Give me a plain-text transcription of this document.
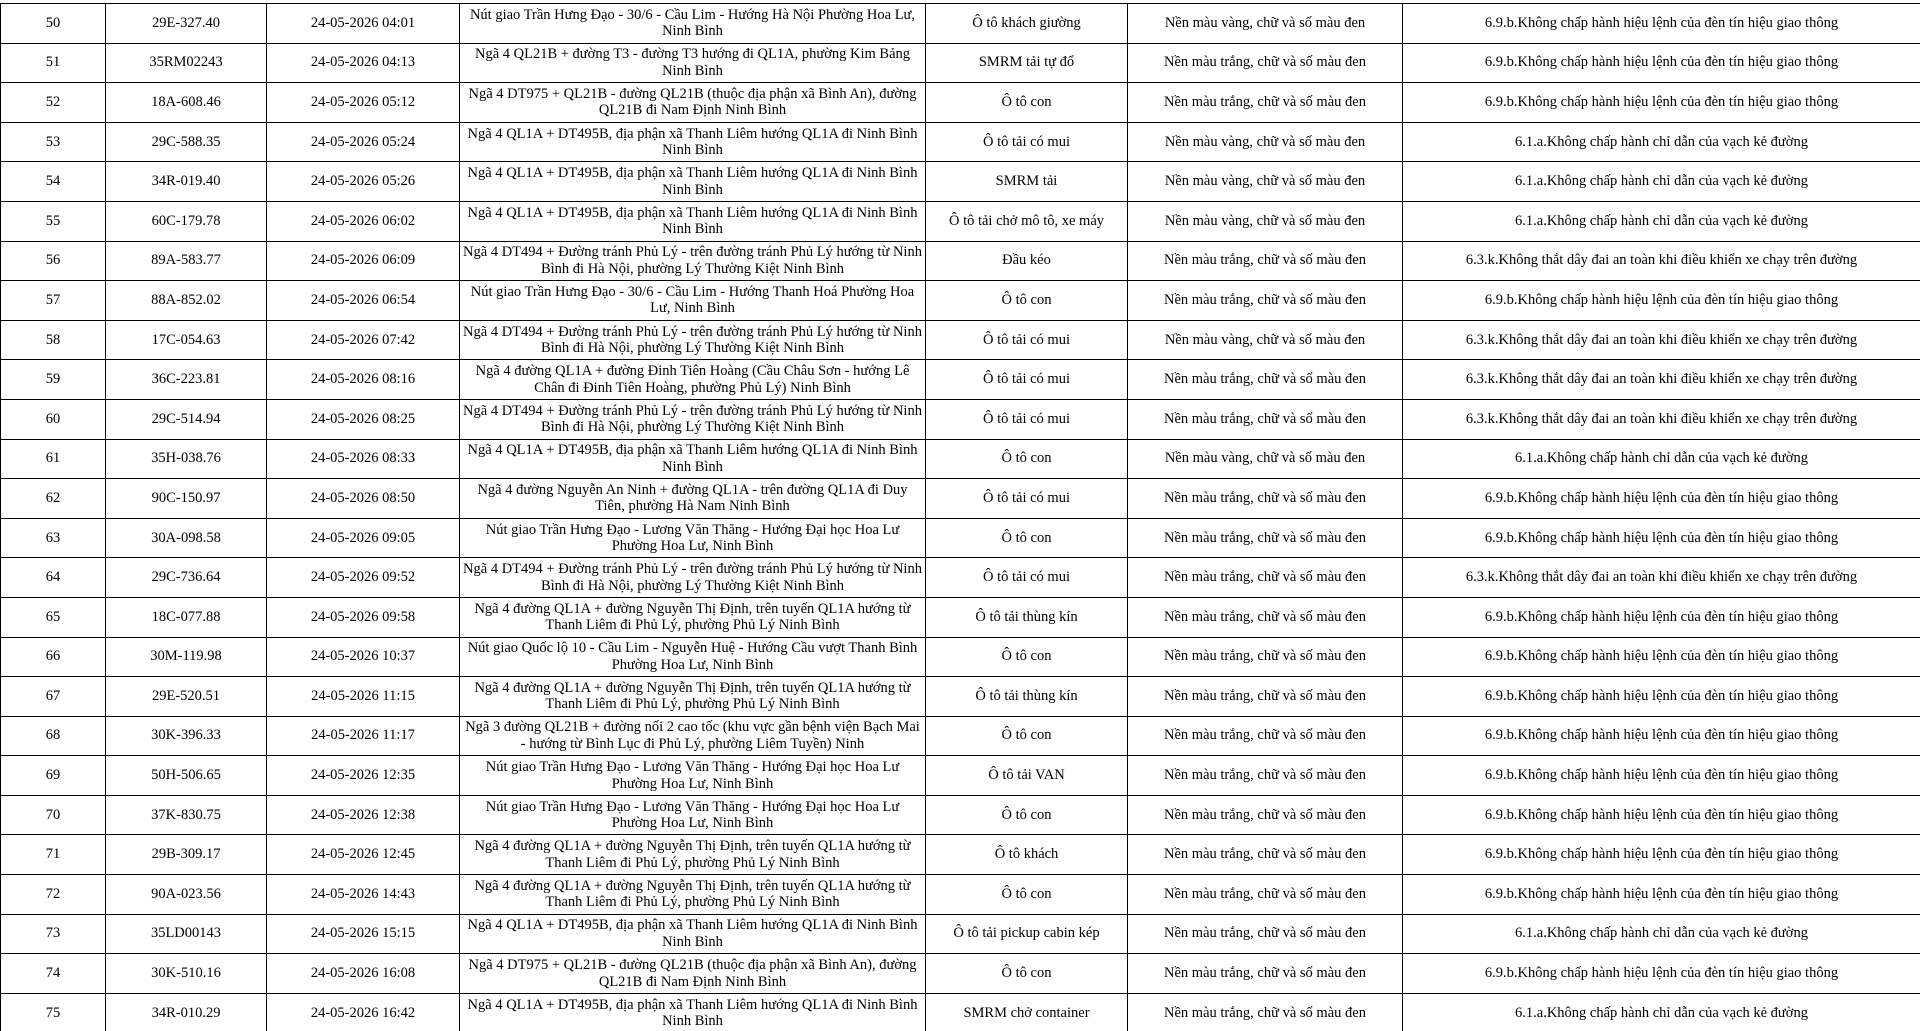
50	29E-327.40	24-05-2026 04:01	Nút giao Trần Hưng Đạo - 30/6 - Cầu Lim - Hướng Hà Nội Phường Hoa Lư, Ninh Bình	Ô tô khách giường	Nền màu vàng, chữ và số màu đen	6.9.b.Không chấp hành hiệu lệnh của đèn tín hiệu giao thông
51	35RM02243	24-05-2026 04:13	Ngã 4 QL21B + đường T3 - đường T3 hướng đi QL1A, phường Kim Bảng Ninh Bình	SMRM tải tự đổ	Nền màu trắng, chữ và số màu đen	6.9.b.Không chấp hành hiệu lệnh của đèn tín hiệu giao thông
52	18A-608.46	24-05-2026 05:12	Ngã 4 DT975 + QL21B - đường QL21B (thuộc địa phận xã Bình An), đường QL21B đi Nam Định Ninh Bình	Ô tô con	Nền màu trắng, chữ và số màu đen	6.9.b.Không chấp hành hiệu lệnh của đèn tín hiệu giao thông
53	29C-588.35	24-05-2026 05:24	Ngã 4 QL1A + DT495B, địa phận xã Thanh Liêm hướng QL1A đi Ninh Bình Ninh Bình	Ô tô tải có mui	Nền màu vàng, chữ và số màu đen	6.1.a.Không chấp hành chỉ dẫn của vạch kẻ đường
54	34R-019.40	24-05-2026 05:26	Ngã 4 QL1A + DT495B, địa phận xã Thanh Liêm hướng QL1A đi Ninh Bình Ninh Bình	SMRM tải	Nền màu vàng, chữ và số màu đen	6.1.a.Không chấp hành chỉ dẫn của vạch kẻ đường
55	60C-179.78	24-05-2026 06:02	Ngã 4 QL1A + DT495B, địa phận xã Thanh Liêm hướng QL1A đi Ninh Bình Ninh Bình	Ô tô tải chở mô tô, xe máy	Nền màu vàng, chữ và số màu đen	6.1.a.Không chấp hành chỉ dẫn của vạch kẻ đường
56	89A-583.77	24-05-2026 06:09	Ngã 4 DT494 + Đường tránh Phủ Lý - trên đường tránh Phủ Lý hướng từ Ninh Bình đi Hà Nội, phường Lý Thường Kiệt Ninh Bình	Đầu kéo	Nền màu trắng, chữ và số màu đen	6.3.k.Không thắt dây đai an toàn khi điều khiển xe chạy trên đường
57	88A-852.02	24-05-2026 06:54	Nút giao Trần Hưng Đạo - 30/6 - Cầu Lim - Hướng Thanh Hoá Phường Hoa Lư, Ninh Bình	Ô tô con	Nền màu trắng, chữ và số màu đen	6.9.b.Không chấp hành hiệu lệnh của đèn tín hiệu giao thông
58	17C-054.63	24-05-2026 07:42	Ngã 4 DT494 + Đường tránh Phủ Lý - trên đường tránh Phủ Lý hướng từ Ninh Bình đi Hà Nội, phường Lý Thường Kiệt Ninh Bình	Ô tô tải có mui	Nền màu vàng, chữ và số màu đen	6.3.k.Không thắt dây đai an toàn khi điều khiển xe chạy trên đường
59	36C-223.81	24-05-2026 08:16	Ngã 4 đường QL1A + đường Đinh Tiên Hoàng (Cầu Châu Sơn - hướng Lê Chân đi Đinh Tiên Hoàng, phường Phủ Lý) Ninh Bình	Ô tô tải có mui	Nền màu trắng, chữ và số màu đen	6.3.k.Không thắt dây đai an toàn khi điều khiển xe chạy trên đường
60	29C-514.94	24-05-2026 08:25	Ngã 4 DT494 + Đường tránh Phủ Lý - trên đường tránh Phủ Lý hướng từ Ninh Bình đi Hà Nội, phường Lý Thường Kiệt Ninh Bình	Ô tô tải có mui	Nền màu trắng, chữ và số màu đen	6.3.k.Không thắt dây đai an toàn khi điều khiển xe chạy trên đường
61	35H-038.76	24-05-2026 08:33	Ngã 4 QL1A + DT495B, địa phận xã Thanh Liêm hướng QL1A đi Ninh Bình Ninh Bình	Ô tô con	Nền màu vàng, chữ và số màu đen	6.1.a.Không chấp hành chỉ dẫn của vạch kẻ đường
62	90C-150.97	24-05-2026 08:50	Ngã 4 đường Nguyễn An Ninh + đường QL1A - trên đường QL1A đi Duy Tiên, phường Hà Nam Ninh Bình	Ô tô tải có mui	Nền màu trắng, chữ và số màu đen	6.9.b.Không chấp hành hiệu lệnh của đèn tín hiệu giao thông
63	30A-098.58	24-05-2026 09:05	Nút giao Trần Hưng Đạo - Lương Văn Thăng - Hướng Đại học Hoa Lư Phường Hoa Lư, Ninh Bình	Ô tô con	Nền màu trắng, chữ và số màu đen	6.9.b.Không chấp hành hiệu lệnh của đèn tín hiệu giao thông
64	29C-736.64	24-05-2026 09:52	Ngã 4 DT494 + Đường tránh Phủ Lý - trên đường tránh Phủ Lý hướng từ Ninh Bình đi Hà Nội, phường Lý Thường Kiệt Ninh Bình	Ô tô tải có mui	Nền màu trắng, chữ và số màu đen	6.3.k.Không thắt dây đai an toàn khi điều khiển xe chạy trên đường
65	18C-077.88	24-05-2026 09:58	Ngã 4 đường QL1A + đường Nguyễn Thị Định, trên tuyến QL1A hướng từ Thanh Liêm đi Phủ Lý, phường Phủ Lý Ninh Bình	Ô tô tải thùng kín	Nền màu trắng, chữ và số màu đen	6.9.b.Không chấp hành hiệu lệnh của đèn tín hiệu giao thông
66	30M-119.98	24-05-2026 10:37	Nút giao Quốc lộ 10 - Cầu Lim - Nguyễn Huệ - Hướng Cầu vượt Thanh Bình Phường Hoa Lư, Ninh Bình	Ô tô con	Nền màu trắng, chữ và số màu đen	6.9.b.Không chấp hành hiệu lệnh của đèn tín hiệu giao thông
67	29E-520.51	24-05-2026 11:15	Ngã 4 đường QL1A + đường Nguyễn Thị Định, trên tuyến QL1A hướng từ Thanh Liêm đi Phủ Lý, phường Phủ Lý Ninh Bình	Ô tô tải thùng kín	Nền màu trắng, chữ và số màu đen	6.9.b.Không chấp hành hiệu lệnh của đèn tín hiệu giao thông
68	30K-396.33	24-05-2026 11:17	Ngã 3 đường QL21B + đường nối 2 cao tốc (khu vực gần bệnh viện Bạch Mai - hướng từ Bình Lục đi Phủ Lý, phường Liêm Tuyền) Ninh	Ô tô con	Nền màu trắng, chữ và số màu đen	6.9.b.Không chấp hành hiệu lệnh của đèn tín hiệu giao thông
69	50H-506.65	24-05-2026 12:35	Nút giao Trần Hưng Đạo - Lương Văn Thăng - Hướng Đại học Hoa Lư Phường Hoa Lư, Ninh Bình	Ô tô tải VAN	Nền màu trắng, chữ và số màu đen	6.9.b.Không chấp hành hiệu lệnh của đèn tín hiệu giao thông
70	37K-830.75	24-05-2026 12:38	Nút giao Trần Hưng Đạo - Lương Văn Thăng - Hướng Đại học Hoa Lư Phường Hoa Lư, Ninh Bình	Ô tô con	Nền màu trắng, chữ và số màu đen	6.9.b.Không chấp hành hiệu lệnh của đèn tín hiệu giao thông
71	29B-309.17	24-05-2026 12:45	Ngã 4 đường QL1A + đường Nguyễn Thị Định, trên tuyến QL1A hướng từ Thanh Liêm đi Phủ Lý, phường Phủ Lý Ninh Bình	Ô tô khách	Nền màu trắng, chữ và số màu đen	6.9.b.Không chấp hành hiệu lệnh của đèn tín hiệu giao thông
72	90A-023.56	24-05-2026 14:43	Ngã 4 đường QL1A + đường Nguyễn Thị Định, trên tuyến QL1A hướng từ Thanh Liêm đi Phủ Lý, phường Phủ Lý Ninh Bình	Ô tô con	Nền màu trắng, chữ và số màu đen	6.9.b.Không chấp hành hiệu lệnh của đèn tín hiệu giao thông
73	35LD00143	24-05-2026 15:15	Ngã 4 QL1A + DT495B, địa phận xã Thanh Liêm hướng QL1A đi Ninh Bình Ninh Bình	Ô tô tải pickup cabin kép	Nền màu trắng, chữ và số màu đen	6.1.a.Không chấp hành chỉ dẫn của vạch kẻ đường
74	30K-510.16	24-05-2026 16:08	Ngã 4 DT975 + QL21B - đường QL21B (thuộc địa phận xã Bình An), đường QL21B đi Nam Định Ninh Bình	Ô tô con	Nền màu trắng, chữ và số màu đen	6.9.b.Không chấp hành hiệu lệnh của đèn tín hiệu giao thông
75	34R-010.29	24-05-2026 16:42	Ngã 4 QL1A + DT495B, địa phận xã Thanh Liêm hướng QL1A đi Ninh Bình Ninh Bình	SMRM chở container	Nền màu trắng, chữ và số màu đen	6.1.a.Không chấp hành chỉ dẫn của vạch kẻ đường
